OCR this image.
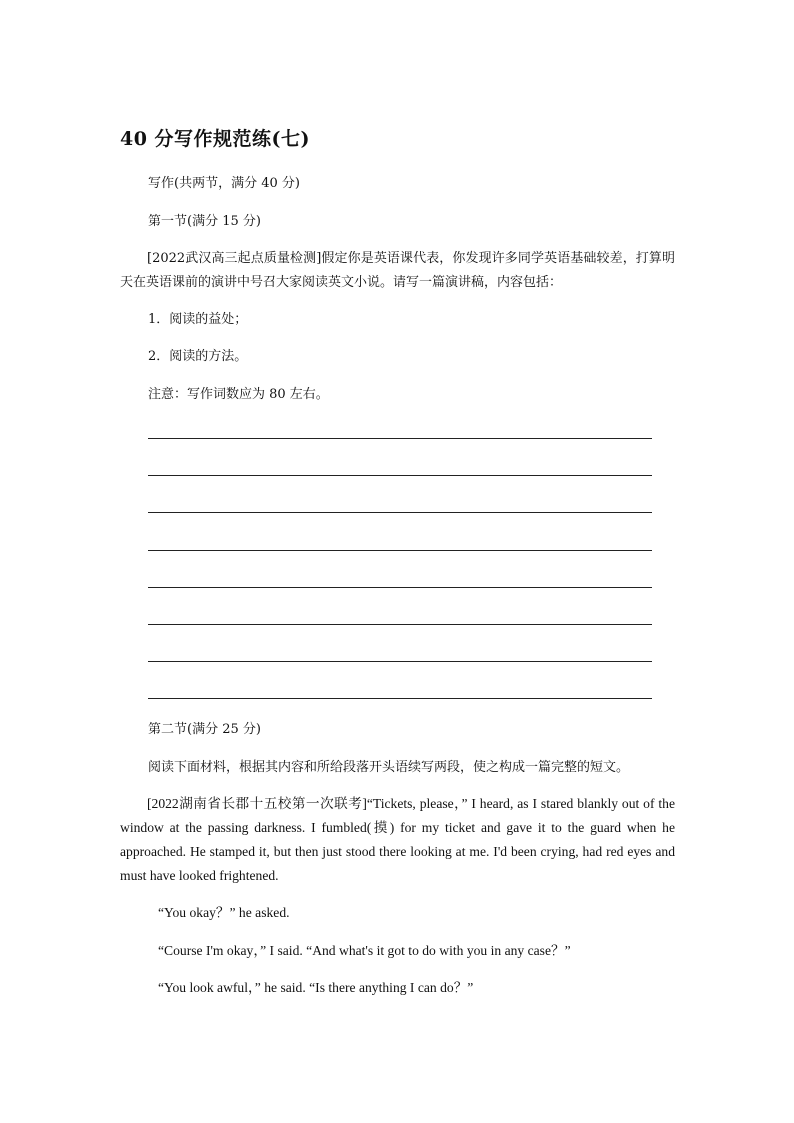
40 分写作规范练(七)

写作(共两节，满分 40 分)

第一节(满分 15 分)

[2022武汉高三起点质量检测]假定你是英语课代表，你发现许多同学英语基础较差，打算明天在英语课前的演讲中号召大家阅读英文小说。请写一篇演讲稿，内容包括：

1．阅读的益处；

2．阅读的方法。

注意：写作词数应为 80 左右。

第二节(满分 25 分)

阅读下面材料，根据其内容和所给段落开头语续写两段，使之构成一篇完整的短文。

[2022湖南省长郡十五校第一次联考]“Tickets, please，” I heard, as I stared blankly out of the window at the passing darkness. I fumbled(摸) for my ticket and gave it to the guard when he approached. He stamped it, but then just stood there looking at me. I'd been crying, had red eyes and must have looked frightened.

“You okay？” he asked.

“Course I'm okay，” I said. “And what's it got to do with you in any case？”

“You look awful，” he said. “Is there anything I can do？”
